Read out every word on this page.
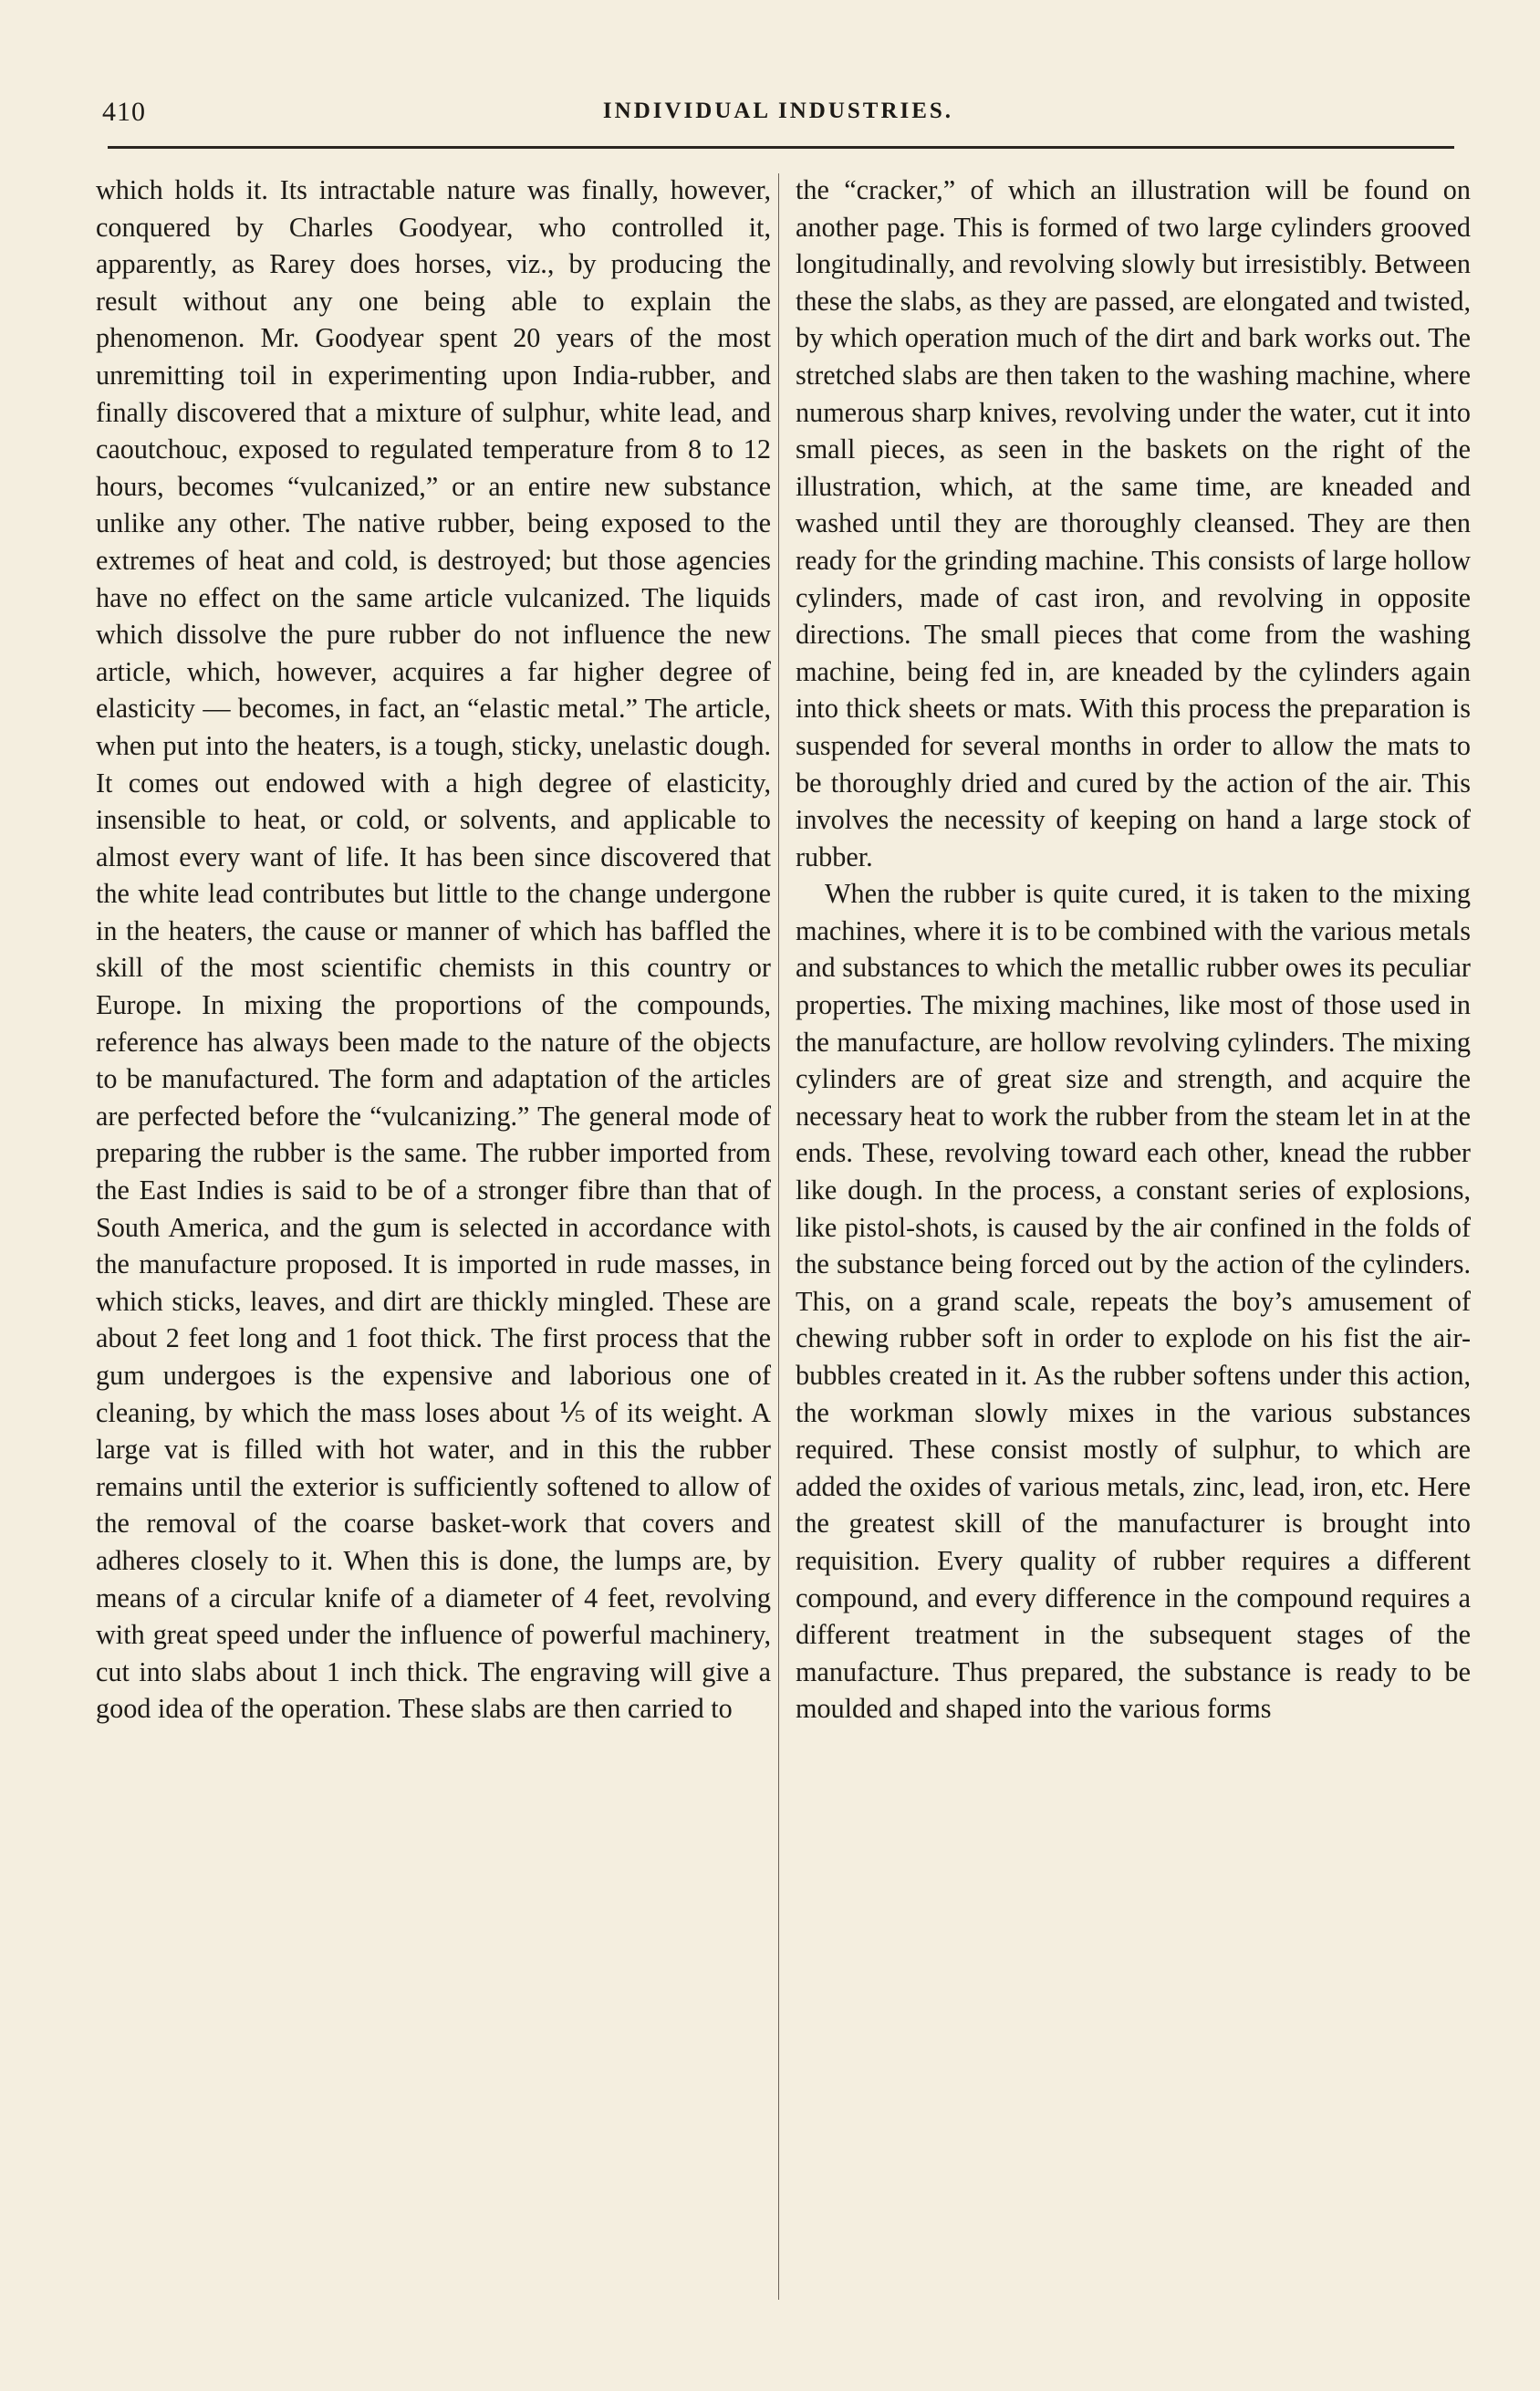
410	INDIVIDUAL INDUSTRIES.

which holds it. Its intractable nature was finally, however, conquered by Charles Goodyear, who controlled it, apparently, as Rarey does horses, viz., by producing the result without any one being able to explain the phenomenon. Mr. Goodyear spent 20 years of the most unremitting toil in experimenting upon India-rubber, and finally discovered that a mixture of sulphur, white lead, and caoutchouc, exposed to regulated temperature from 8 to 12 hours, becomes “vulcanized,” or an entire new substance unlike any other. The native rubber, being exposed to the extremes of heat and cold, is destroyed; but those agencies have no effect on the same article vulcanized. The liquids which dissolve the pure rubber do not influence the new article, which, however, acquires a far higher degree of elasticity — becomes, in fact, an “elastic metal.” The article, when put into the heaters, is a tough, sticky, unelastic dough. It comes out endowed with a high degree of elasticity, insensible to heat, or cold, or solvents, and applicable to almost every want of life. It has been since discovered that the white lead contributes but little to the change undergone in the heaters, the cause or manner of which has baffled the skill of the most scientific chemists in this country or Europe. In mixing the proportions of the compounds, reference has always been made to the nature of the objects to be manufactured. The form and adaptation of the articles are perfected before the “vulcanizing.” The general mode of preparing the rubber is the same. The rubber imported from the East Indies is said to be of a stronger fibre than that of South America, and the gum is selected in accordance with the manufacture proposed. It is imported in rude masses, in which sticks, leaves, and dirt are thickly mingled. These are about 2 feet long and 1 foot thick. The first process that the gum undergoes is the expensive and laborious one of cleaning, by which the mass loses about ⅕ of its weight. A large vat is filled with hot water, and in this the rubber remains until the exterior is sufficiently softened to allow of the removal of the coarse basket-work that covers and adheres closely to it. When this is done, the lumps are, by means of a circular knife of a diameter of 4 feet, revolving with great speed under the influence of powerful machinery, cut into slabs about 1 inch thick. The engraving will give a good idea of the operation. These slabs are then carried to

the “cracker,” of which an illustration will be found on another page. This is formed of two large cylinders grooved longitudinally, and revolving slowly but irresistibly. Between these the slabs, as they are passed, are elongated and twisted, by which operation much of the dirt and bark works out. The stretched slabs are then taken to the washing machine, where numerous sharp knives, revolving under the water, cut it into small pieces, as seen in the baskets on the right of the illustration, which, at the same time, are kneaded and washed until they are thoroughly cleansed. They are then ready for the grinding machine. This consists of large hollow cylinders, made of cast iron, and revolving in opposite directions. The small pieces that come from the washing machine, being fed in, are kneaded by the cylinders again into thick sheets or mats. With this process the preparation is suspended for several months in order to allow the mats to be thoroughly dried and cured by the action of the air. This involves the necessity of keeping on hand a large stock of rubber.

When the rubber is quite cured, it is taken to the mixing machines, where it is to be combined with the various metals and substances to which the metallic rubber owes its peculiar properties. The mixing machines, like most of those used in the manufacture, are hollow revolving cylinders. The mixing cylinders are of great size and strength, and acquire the necessary heat to work the rubber from the steam let in at the ends. These, revolving toward each other, knead the rubber like dough. In the process, a constant series of explosions, like pistol-shots, is caused by the air confined in the folds of the substance being forced out by the action of the cylinders. This, on a grand scale, repeats the boy’s amusement of chewing rubber soft in order to explode on his fist the air-bubbles created in it. As the rubber softens under this action, the workman slowly mixes in the various substances required. These consist mostly of sulphur, to which are added the oxides of various metals, zinc, lead, iron, etc. Here the greatest skill of the manufacturer is brought into requisition. Every quality of rubber requires a different compound, and every difference in the compound requires a different treatment in the subsequent stages of the manufacture. Thus prepared, the substance is ready to be moulded and shaped into the various forms
